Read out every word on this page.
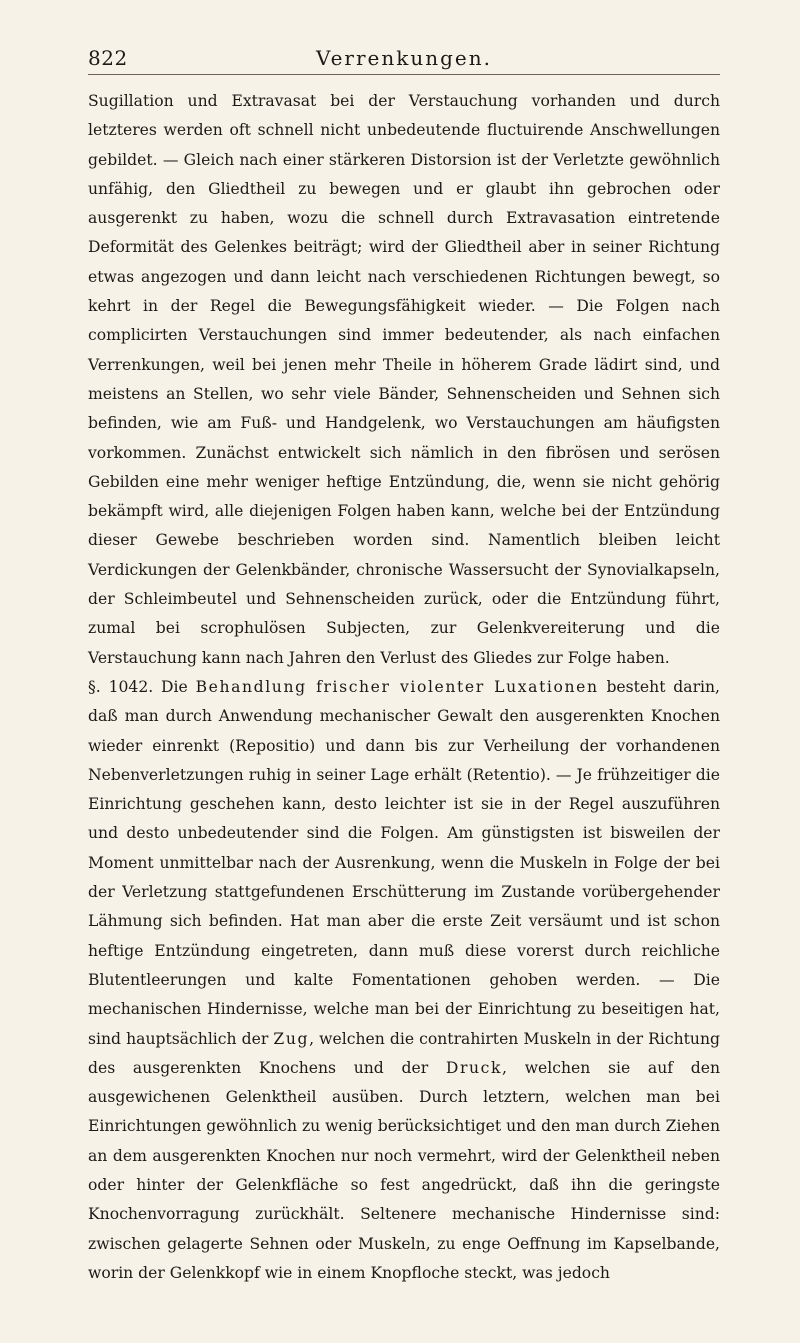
822	Verrenkungen.

Sugillation und Extravasat bei der Verstauchung vorhanden und durch letzteres werden oft schnell nicht unbedeutende fluctuirende Anschwellungen gebildet. — Gleich nach einer stärkeren Distorsion ist der Verletzte gewöhnlich unfähig, den Gliedtheil zu bewegen und er glaubt ihn gebrochen oder ausgerenkt zu haben, wozu die schnell durch Extravasation eintretende Deformität des Gelenkes beiträgt; wird der Gliedtheil aber in seiner Richtung etwas angezogen und dann leicht nach verschiedenen Richtungen bewegt, so kehrt in der Regel die Bewegungsfähigkeit wieder. — Die Folgen nach complicirten Verstauchungen sind immer bedeutender, als nach einfachen Verrenkungen, weil bei jenen mehr Theile in höherem Grade lädirt sind, und meistens an Stellen, wo sehr viele Bänder, Sehnenscheiden und Sehnen sich befinden, wie am Fuß- und Handgelenk, wo Verstauchungen am häufigsten vorkommen. Zunächst entwickelt sich nämlich in den fibrösen und serösen Gebilden eine mehr weniger heftige Entzündung, die, wenn sie nicht gehörig bekämpft wird, alle diejenigen Folgen haben kann, welche bei der Entzündung dieser Gewebe beschrieben worden sind. Namentlich bleiben leicht Verdickungen der Gelenkbänder, chronische Wassersucht der Synovialkapseln, der Schleimbeutel und Sehnenscheiden zurück, oder die Entzündung führt, zumal bei scrophulösen Subjecten, zur Gelenkvereiterung und die Verstauchung kann nach Jahren den Verlust des Gliedes zur Folge haben.

§. 1042. Die Behandlung frischer violenter Luxationen besteht darin, daß man durch Anwendung mechanischer Gewalt den ausgerenkten Knochen wieder einrenkt (Repositio) und dann bis zur Verheilung der vorhandenen Nebenverletzungen ruhig in seiner Lage erhält (Retentio). — Je frühzeitiger die Einrichtung geschehen kann, desto leichter ist sie in der Regel auszuführen und desto unbedeutender sind die Folgen. Am günstigsten ist bisweilen der Moment unmittelbar nach der Ausrenkung, wenn die Muskeln in Folge der bei der Verletzung stattgefundenen Erschütterung im Zustande vorübergehender Lähmung sich befinden. Hat man aber die erste Zeit versäumt und ist schon heftige Entzündung eingetreten, dann muß diese vorerst durch reichliche Blutentleerungen und kalte Fomentationen gehoben werden. — Die mechanischen Hindernisse, welche man bei der Einrichtung zu beseitigen hat, sind hauptsächlich der Zug, welchen die contrahirten Muskeln in der Richtung des ausgerenkten Knochens und der Druck, welchen sie auf den ausgewichenen Gelenktheil ausüben. Durch letztern, welchen man bei Einrichtungen gewöhnlich zu wenig berücksichtiget und den man durch Ziehen an dem ausgerenkten Knochen nur noch vermehrt, wird der Gelenktheil neben oder hinter der Gelenkfläche so fest angedrückt, daß ihn die geringste Knochenvorragung zurückhält. Seltenere mechanische Hindernisse sind: zwischen gelagerte Sehnen oder Muskeln, zu enge Oeffnung im Kapselbande, worin der Gelenkkopf wie in einem Knopfloche steckt, was jedoch
